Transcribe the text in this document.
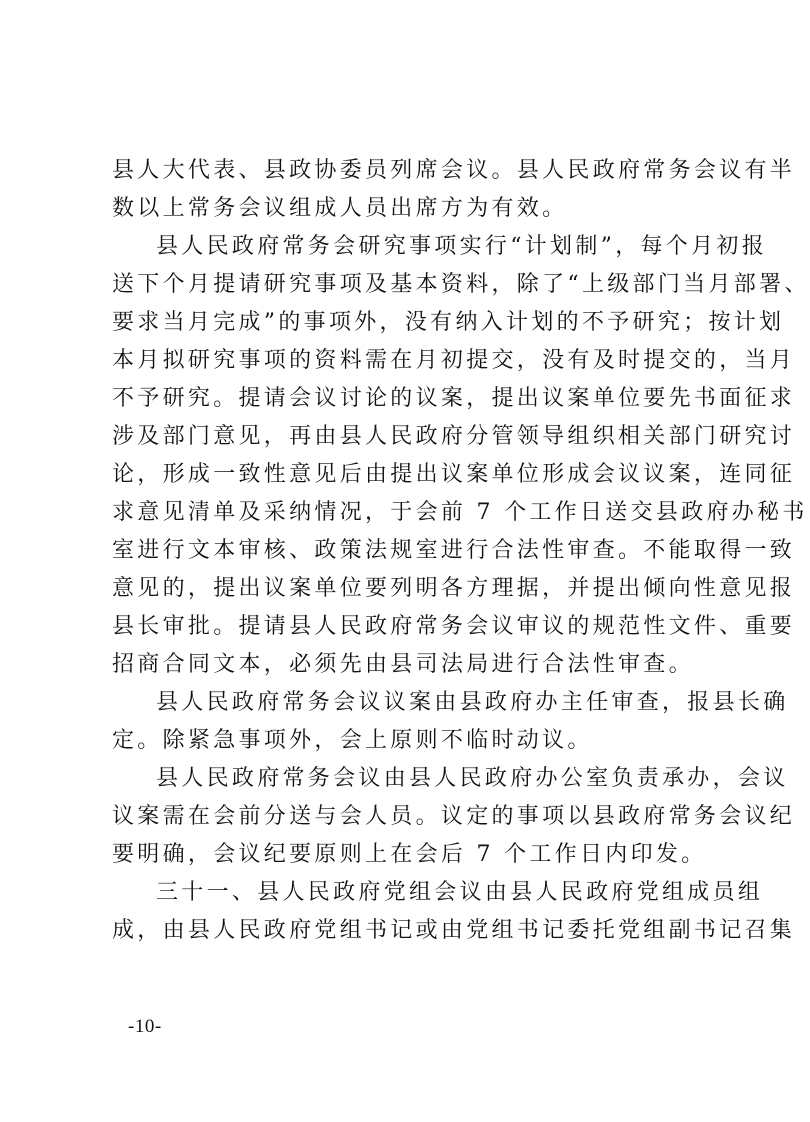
县人大代表、县政协委员列席会议。县人民政府常务会议有半
数以上常务会议组成人员出席方为有效。
县人民政府常务会研究事项实行“计划制”，每个月初报
送下个月提请研究事项及基本资料，除了“上级部门当月部署、
要求当月完成”的事项外，没有纳入计划的不予研究；按计划
本月拟研究事项的资料需在月初提交，没有及时提交的，当月
不予研究。提请会议讨论的议案，提出议案单位要先书面征求
涉及部门意见，再由县人民政府分管领导组织相关部门研究讨
论，形成一致性意见后由提出议案单位形成会议议案，连同征
求意见清单及采纳情况，于会前 7 个工作日送交县政府办秘书
室进行文本审核、政策法规室进行合法性审查。不能取得一致
意见的，提出议案单位要列明各方理据，并提出倾向性意见报
县长审批。提请县人民政府常务会议审议的规范性文件、重要
招商合同文本，必须先由县司法局进行合法性审查。
县人民政府常务会议议案由县政府办主任审查，报县长确
定。除紧急事项外，会上原则不临时动议。
县人民政府常务会议由县人民政府办公室负责承办，会议
议案需在会前分送与会人员。议定的事项以县政府常务会议纪
要明确，会议纪要原则上在会后 7 个工作日内印发。
三十一、县人民政府党组会议由县人民政府党组成员组
成，由县人民政府党组书记或由党组书记委托党组副书记召集
-10-
